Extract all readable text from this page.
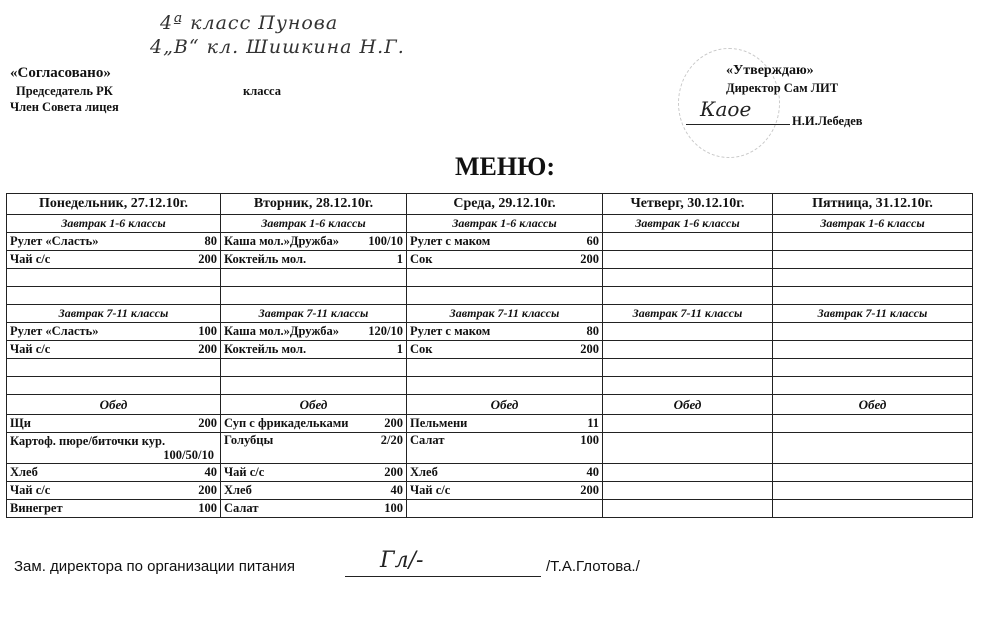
4ª класс Пунова
4„В“ кл. Шишкина Н.Г.
«Согласовано»
Председатель РК	класса
Член Совета лицея
«Утверждаю»
Директор Сам ЛИТ
Каое	Н.И.Лебедев
МЕНЮ:
Понедельник, 27.12.10г.	Вторник, 28.12.10г.	Среда, 29.12.10г.	Четверг, 30.12.10г.	Пятница, 31.12.10г.
Завтрак 1-6 классы	Завтрак 1-6 классы	Завтрак 1-6 классы	Завтрак 1-6 классы	Завтрак 1-6 классы

Рулет «Сласть» 80	Каша мол.»Дружба» 100/10	Рулет с маком 60		

Чай с/с 200	Коктейль мол. 1	Сок 200		

Завтрак 7-11 классы	Завтрак 7-11 классы	Завтрак 7-11 классы	Завтрак 7-11 классы	Завтрак 7-11 классы

Рулет «Сласть» 100	Каша мол.»Дружба» 120/10	Рулет с маком 80		

Чай с/с 200	Коктейль мол. 1	Сок 200		

Обед	Обед	Обед	Обед	Обед

Щи 200	Суп с фрикадельками 200	Пельмени 11		

Картоф. пюре/биточки кур.
100/50/10	Голубцы 2/20	Салат 100		

Хлеб 40	Чай с/с 200	Хлеб 40		

Чай с/с 200	Хлеб 40	Чай с/с 200		

Винегрет 100	Салат 100			

Зам. директора по организации питания	Гл/-	/Т.А.Глотова./
